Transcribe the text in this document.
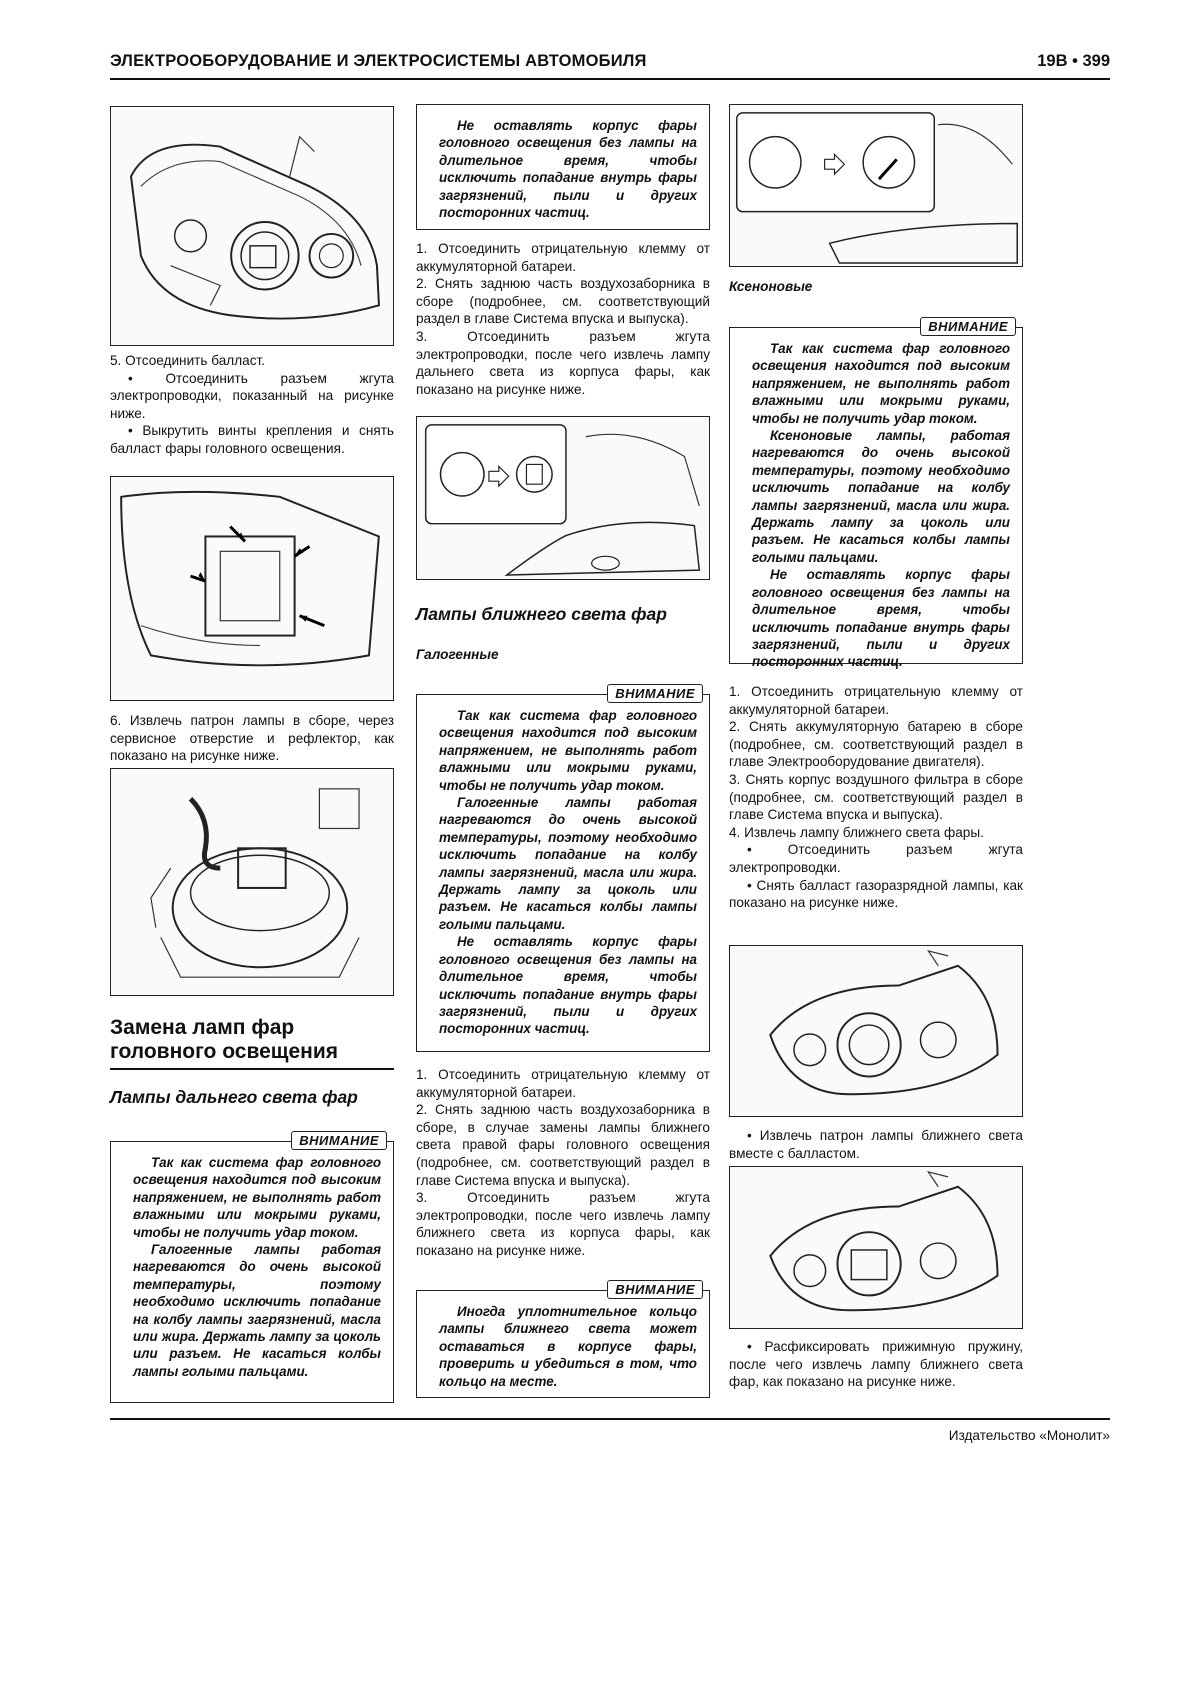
ЭЛЕКТРООБОРУДОВАНИЕ И ЭЛЕКТРОСИСТЕМЫ АВТОМОБИЛЯ	19В • 399

5. Отсоединить балласт.

• Отсоединить разъем жгута электропроводки, показанный на рисунке ниже.

• Выкрутить винты крепления и снять балласт фары головного освещения.

6. Извлечь патрон лампы в сборе, через сервисное отверстие и рефлектор, как показано на рисунке ниже.

Замена ламп фар
головного освещения
Лампы дальнего света фар
ВНИМАНИЕ

Так как система фар головного освещения находится под высоким напряжением, не выполнять работ влажными или мокрыми руками, чтобы не получить удар током.

Галогенные лампы работая нагреваются до очень высокой температуры, поэтому необходимо исключить попадание на колбу лампы загрязнений, масла или жира. Держать лампу за цоколь или разъем. Не касаться колбы лампы голыми пальцами.

Не оставлять корпус фары головного освещения без лампы на длительное время, чтобы исключить попадание внутрь фары загрязнений, пыли и других посторонних частиц.

1. Отсоединить отрицательную клемму от аккумуляторной батареи.

2. Снять заднюю часть воздухозаборника в сборе (подробнее, см. соответствующий раздел в главе Система впуска и выпуска).

3. Отсоединить разъем жгута электропроводки, после чего извлечь лампу дальнего света из корпуса фары, как показано на рисунке ниже.

Лампы ближнего света фар
Галогенные
ВНИМАНИЕ

Так как система фар головного освещения находится под высоким напряжением, не выполнять работ влажными или мокрыми руками, чтобы не получить удар током.

Галогенные лампы работая нагреваются до очень высокой температуры, поэтому необходимо исключить попадание на колбу лампы загрязнений, масла или жира. Держать лампу за цоколь или разъем. Не касаться колбы лампы голыми пальцами.

Не оставлять корпус фары головного освещения без лампы на длительное время, чтобы исключить попадание внутрь фары загрязнений, пыли и других посторонних частиц.

1. Отсоединить отрицательную клемму от аккумуляторной батареи.

2. Снять заднюю часть воздухозаборника в сборе, в случае замены лампы ближнего света правой фары головного освещения (подробнее, см. соответствующий раздел в главе Система впуска и выпуска).

3. Отсоединить разъем жгута электропроводки, после чего извлечь лампу ближнего света из корпуса фары, как показано на рисунке ниже.

ВНИМАНИЕ

Иногда уплотнительное кольцо лампы ближнего света может оставаться в корпусе фары, проверить и убедиться в том, что кольцо на месте.

Ксеноновые
ВНИМАНИЕ

Так как система фар головного освещения находится под высоким напряжением, не выполнять работ влажными или мокрыми руками, чтобы не получить удар током.

Ксеноновые лампы, работая нагреваются до очень высокой температуры, поэтому необходимо исключить попадание на колбу лампы загрязнений, масла или жира. Держать лампу за цоколь или разъем. Не касаться колбы лампы голыми пальцами.

Не оставлять корпус фары головного освещения без лампы на длительное время, чтобы исключить попадание внутрь фары загрязнений, пыли и других посторонних частиц.

1. Отсоединить отрицательную клемму от аккумуляторной батареи.

2. Снять аккумуляторную батарею в сборе (подробнее, см. соответствующий раздел в главе Электрооборудование двигателя).

3. Снять корпус воздушного фильтра в сборе (подробнее, см. соответствующий раздел в главе Система впуска и выпуска).

4. Извлечь лампу ближнего света фары.

• Отсоединить разъем жгута электропроводки.

• Снять балласт газоразрядной лампы, как показано на рисунке ниже.

• Извлечь патрон лампы ближнего света вместе с балластом.

• Расфиксировать прижимную пружину, после чего извлечь лампу ближнего света фар, как показано на рисунке ниже.

Издательство «Монолит»
